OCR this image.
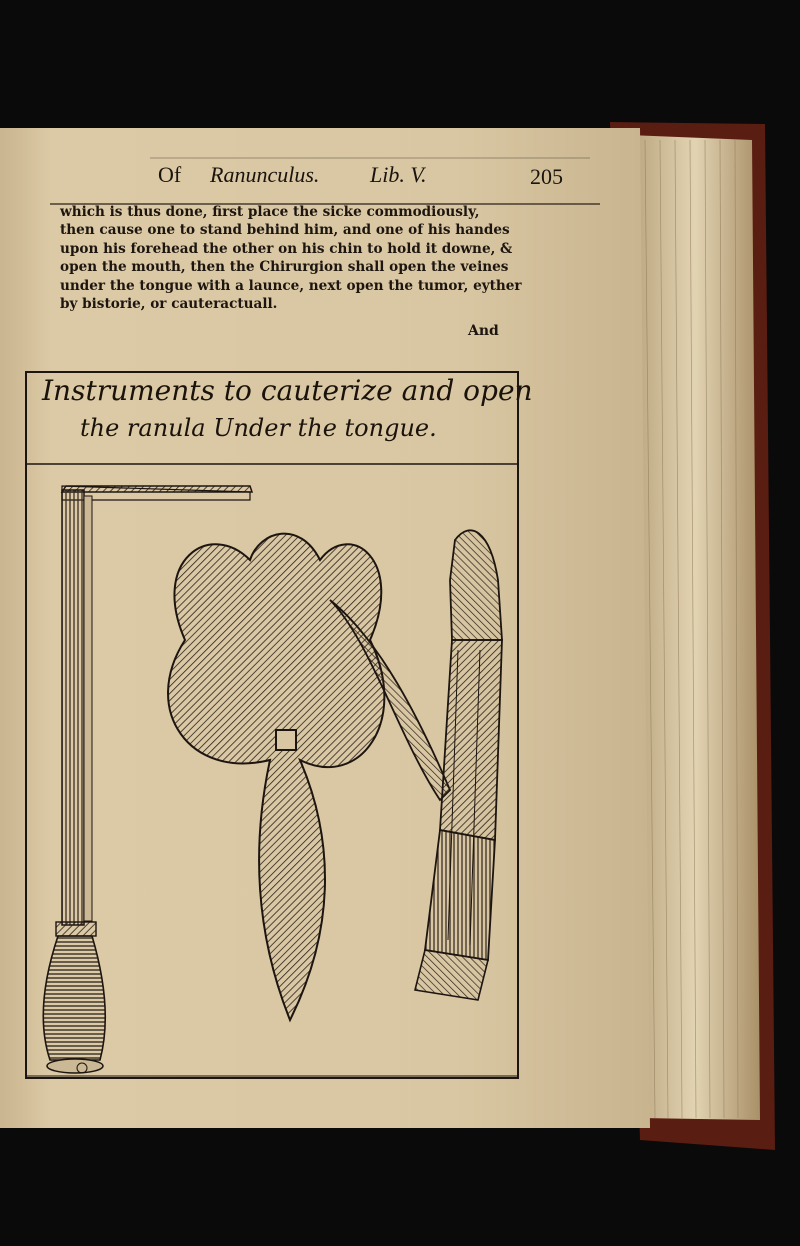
Of Ranunculus. Lib. V.	205

which is thus done, first place the sicke commodiously,

then cause one to stand behind him, and one of his handes

upon his forehead the other on his chin to hold it downe, &

open the mouth, then the Chirurgion shall open the veines

under the tongue with a launce, next open the tumor, eyther

by bistorie, or cauteractuall.

And
Instruments to cauterize and open
the ranula Under the tongue.
